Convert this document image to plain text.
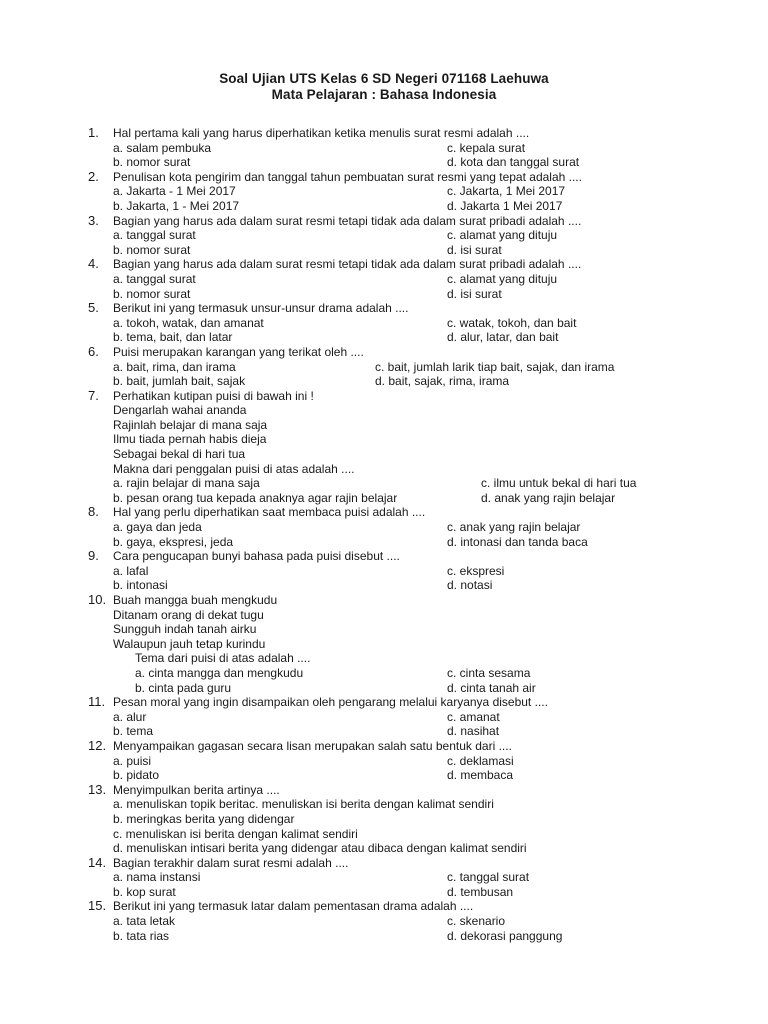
Soal Ujian UTS Kelas 6 SD Negeri 071168 Laehuwa
Mata Pelajaran : Bahasa Indonesia
1. Hal pertama kali yang harus diperhatikan ketika menulis surat resmi adalah ....
a. salam pembuka	c. kepala surat
b. nomor surat	d. kota dan tanggal surat
2. Penulisan kota pengirim dan tanggal tahun pembuatan surat resmi yang tepat adalah ....
a. Jakarta - 1 Mei 2017	c. Jakarta, 1 Mei 2017
b. Jakarta, 1 - Mei 2017	d. Jakarta 1 Mei 2017
3. Bagian yang harus ada dalam surat resmi tetapi tidak ada dalam surat pribadi adalah ....
a. tanggal surat	c. alamat yang dituju
b. nomor surat	d. isi surat
4. Bagian yang harus ada dalam surat resmi tetapi tidak ada dalam surat pribadi adalah ....
a. tanggal surat	c. alamat yang dituju
b. nomor surat	d. isi surat
5. Berikut ini yang termasuk unsur-unsur drama adalah ....
a. tokoh, watak, dan amanat	c. watak, tokoh, dan bait
b. tema, bait, dan latar	d. alur, latar, dan bait
6. Puisi merupakan karangan yang terikat oleh ....
a. bait, rima, dan irama	c. bait, jumlah larik tiap bait, sajak, dan irama
b. bait, jumlah bait, sajak	d. bait, sajak, rima, irama
7. Perhatikan kutipan puisi di bawah ini !
Dengarlah wahai ananda
Rajinlah belajar di mana saja
Ilmu tiada pernah habis dieja
Sebagai bekal di hari tua
Makna dari penggalan puisi di atas adalah ....
a. rajin belajar di mana saja	c. ilmu untuk bekal di hari tua
b. pesan orang tua kepada anaknya agar rajin belajar	d. anak yang rajin belajar
8. Hal yang perlu diperhatikan saat membaca puisi adalah ....
a. gaya dan jeda	c. anak yang rajin belajar
b. gaya, ekspresi, jeda	d. intonasi dan tanda baca
9. Cara pengucapan bunyi bahasa pada puisi disebut ....
a. lafal	c. ekspresi
b. intonasi	d. notasi
10. Buah mangga buah mengkudu
Ditanam orang di dekat tugu
Sungguh indah tanah airku
Walaupun jauh tetap kurindu
Tema dari puisi di atas adalah ....
a. cinta mangga dan mengkudu	c. cinta sesama
b. cinta pada guru	d. cinta tanah air
11. Pesan moral yang ingin disampaikan oleh pengarang melalui karyanya disebut ....
a. alur	c. amanat
b. tema	d. nasihat
12. Menyampaikan gagasan secara lisan merupakan salah satu bentuk dari ....
a. puisi	c. deklamasi
b. pidato	d. membaca
13. Menyimpulkan berita artinya ....
a. menuliskan topik beritac. menuliskan isi berita dengan kalimat sendiri
b. meringkas berita yang didengar
c. menuliskan isi berita dengan kalimat sendiri
d. menuliskan intisari berita yang didengar atau dibaca dengan kalimat sendiri
14. Bagian terakhir dalam surat resmi adalah ....
a. nama instansi	c. tanggal surat
b. kop surat	d. tembusan
15. Berikut ini yang termasuk latar dalam pementasan drama adalah ....
a. tata letak	c. skenario
b. tata rias	d. dekorasi panggung
